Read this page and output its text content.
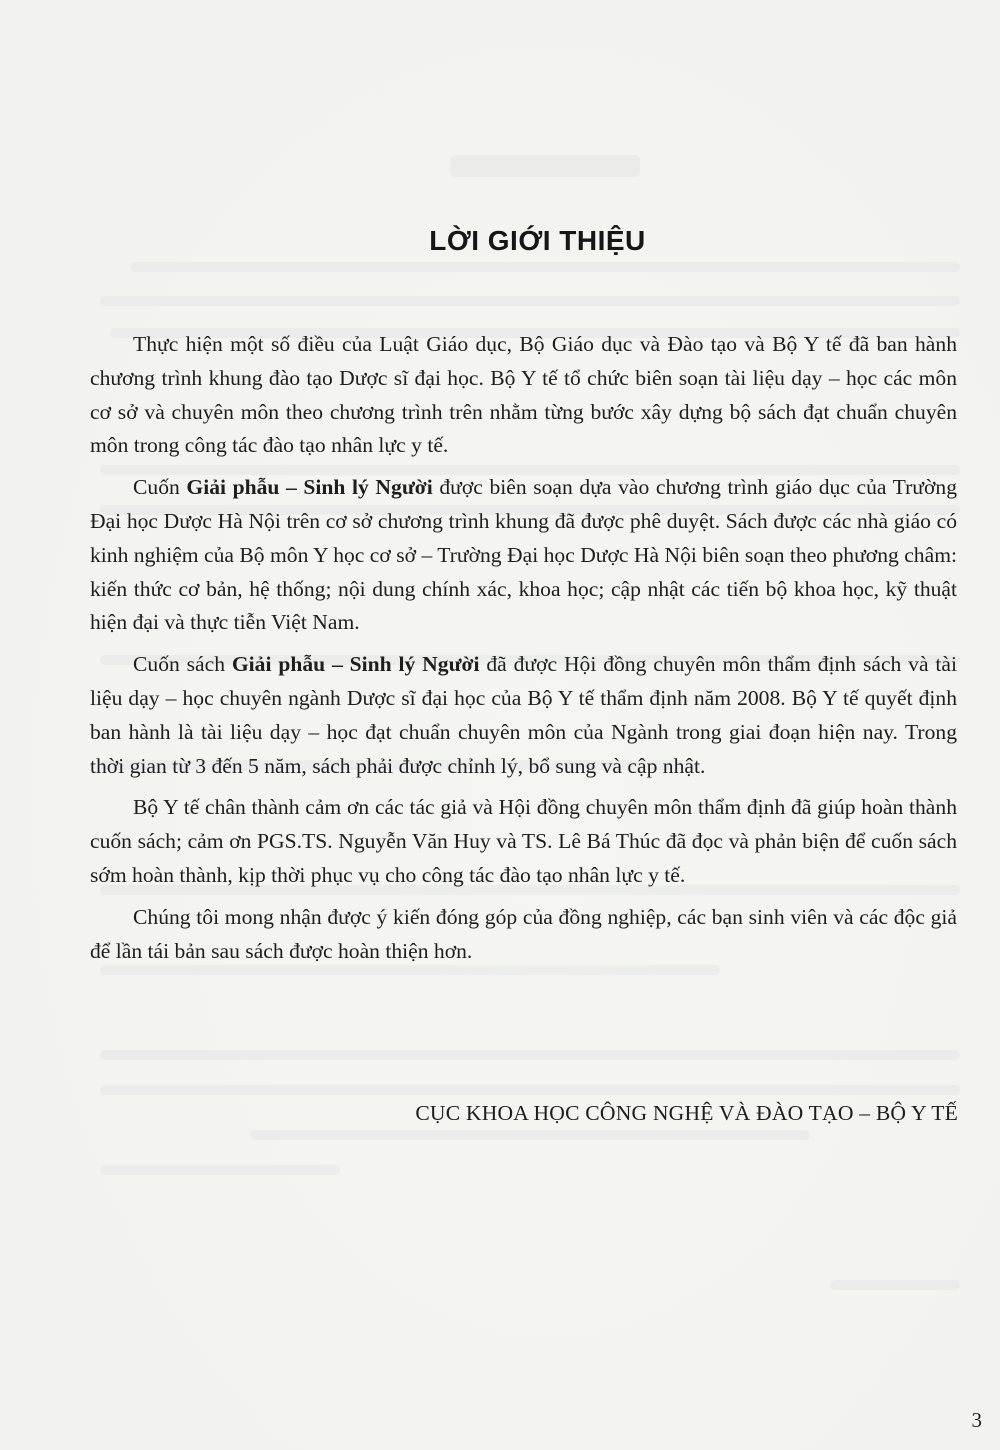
LỜI GIỚI THIỆU

Thực hiện một số điều của Luật Giáo dục, Bộ Giáo dục và Đào tạo và Bộ Y tế đã ban hành chương trình khung đào tạo Dược sĩ đại học. Bộ Y tế tổ chức biên soạn tài liệu dạy – học các môn cơ sở và chuyên môn theo chương trình trên nhằm từng bước xây dựng bộ sách đạt chuẩn chuyên môn trong công tác đào tạo nhân lực y tế.

Cuốn Giải phẫu – Sinh lý Người được biên soạn dựa vào chương trình giáo dục của Trường Đại học Dược Hà Nội trên cơ sở chương trình khung đã được phê duyệt. Sách được các nhà giáo có kinh nghiệm của Bộ môn Y học cơ sở – Trường Đại học Dược Hà Nội biên soạn theo phương châm: kiến thức cơ bản, hệ thống; nội dung chính xác, khoa học; cập nhật các tiến bộ khoa học, kỹ thuật hiện đại và thực tiễn Việt Nam.

Cuốn sách Giải phẫu – Sinh lý Người đã được Hội đồng chuyên môn thẩm định sách và tài liệu dạy – học chuyên ngành Dược sĩ đại học của Bộ Y tế thẩm định năm 2008. Bộ Y tế quyết định ban hành là tài liệu dạy – học đạt chuẩn chuyên môn của Ngành trong giai đoạn hiện nay. Trong thời gian từ 3 đến 5 năm, sách phải được chỉnh lý, bổ sung và cập nhật.

Bộ Y tế chân thành cảm ơn các tác giả và Hội đồng chuyên môn thẩm định đã giúp hoàn thành cuốn sách; cảm ơn PGS.TS. Nguyễn Văn Huy và TS. Lê Bá Thúc đã đọc và phản biện để cuốn sách sớm hoàn thành, kịp thời phục vụ cho công tác đào tạo nhân lực y tế.

Chúng tôi mong nhận được ý kiến đóng góp của đồng nghiệp, các bạn sinh viên và các độc giả để lần tái bản sau sách được hoàn thiện hơn.

CỤC KHOA HỌC CÔNG NGHỆ VÀ ĐÀO TẠO – BỘ Y TẾ
3
